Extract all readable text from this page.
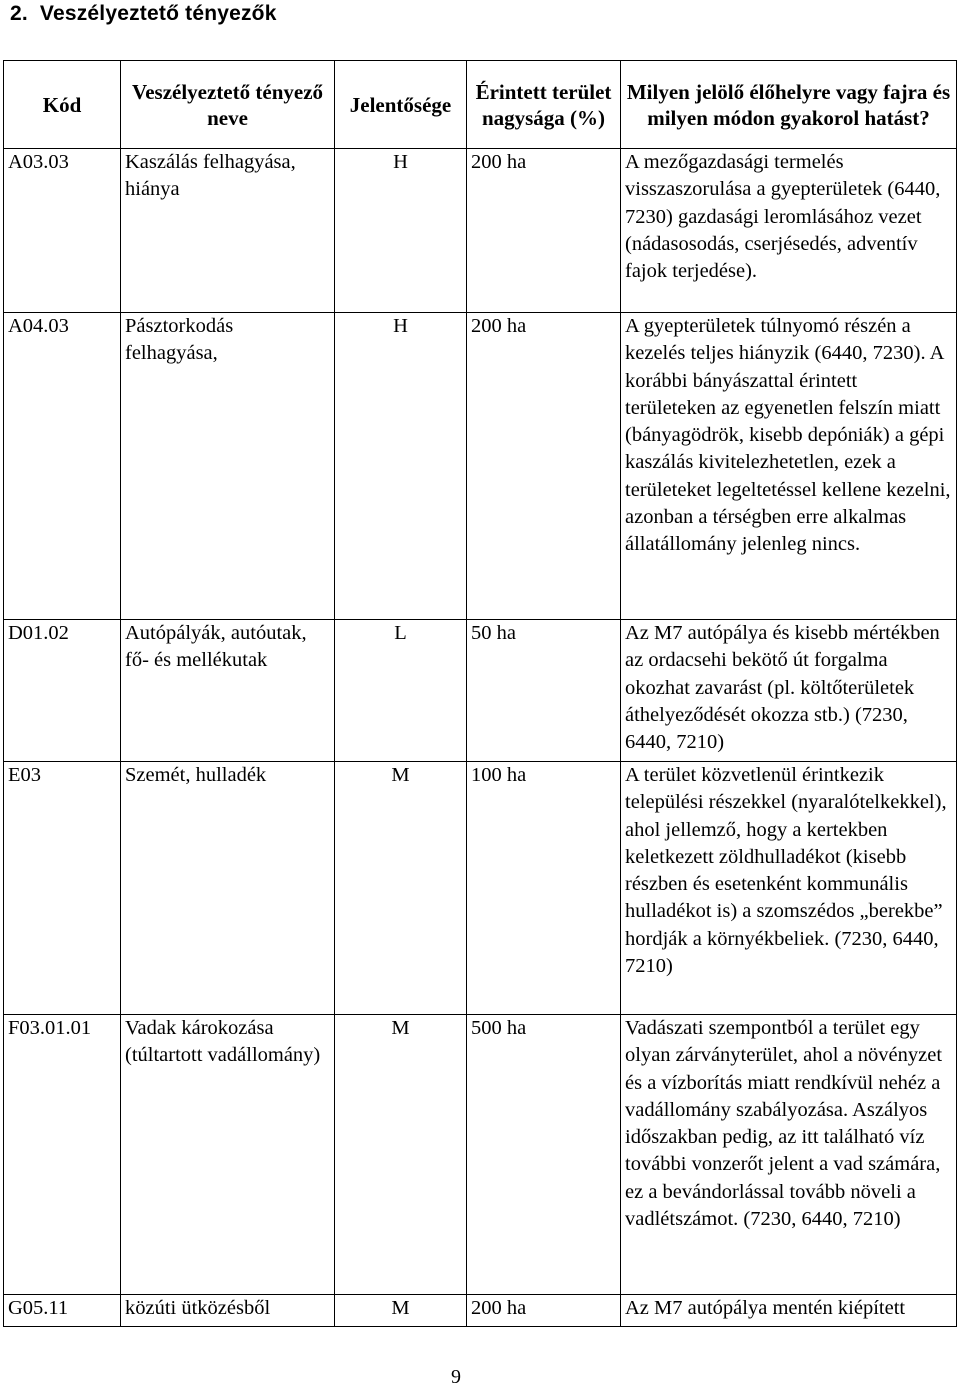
2. Veszélyeztető tényezők
Kód	Veszélyeztető tényező neve	Jelentősége	Érintett terület nagysága (%)	Milyen jelölő élőhelyre vagy fajra és milyen módon gyakorol hatást?
A03.03	Kaszálás felhagyása, hiánya	H	200 ha	A mezőgazdasági termelés visszaszorulása a gyepterületek (6440, 7230) gazdasági leromlásához vezet (nádasosodás, cserjésedés, adventív fajok terjedése).
A04.03	Pásztorkodás felhagyása,	H	200 ha	A gyepterületek túlnyomó részén a kezelés teljes hiányzik (6440, 7230). A korábbi bányászattal érintett területeken az egyenetlen felszín miatt (bányagödrök, kisebb depóniák) a gépi kaszálás kivitelezhetetlen, ezek a területeket legeltetéssel kellene kezelni, azonban a térségben erre alkalmas állatállomány jelenleg nincs.
D01.02	Autópályák, autóutak, fő- és mellékutak	L	50 ha	Az M7 autópálya és kisebb mértékben az ordacsehi bekötő út forgalma okozhat zavarást (pl. költőterületek áthelyeződését okozza stb.) (7230, 6440, 7210)
E03	Szemét, hulladék	M	100 ha	A terület közvetlenül érintkezik települési részekkel (nyaralótelkekkel), ahol jellemző, hogy a kertekben keletkezett zöldhulladékot (kisebb részben és esetenként kommunális hulladékot is) a szomszédos „berekbe” hordják a környékbeliek. (7230, 6440, 7210)
F03.01.01	Vadak károkozása (túltartott vadállomány)	M	500 ha	Vadászati szempontból a terület egy olyan zárványterület, ahol a növényzet és a vízborítás miatt rendkívül nehéz a vadállomány szabályozása. Aszályos időszakban pedig, az itt található víz további vonzerőt jelent a vad számára, ez a bevándorlással tovább növeli a vadlétszámot. (7230, 6440, 7210)
G05.11	közúti ütközésből	M	200 ha	Az M7 autópálya mentén kiépített
9
